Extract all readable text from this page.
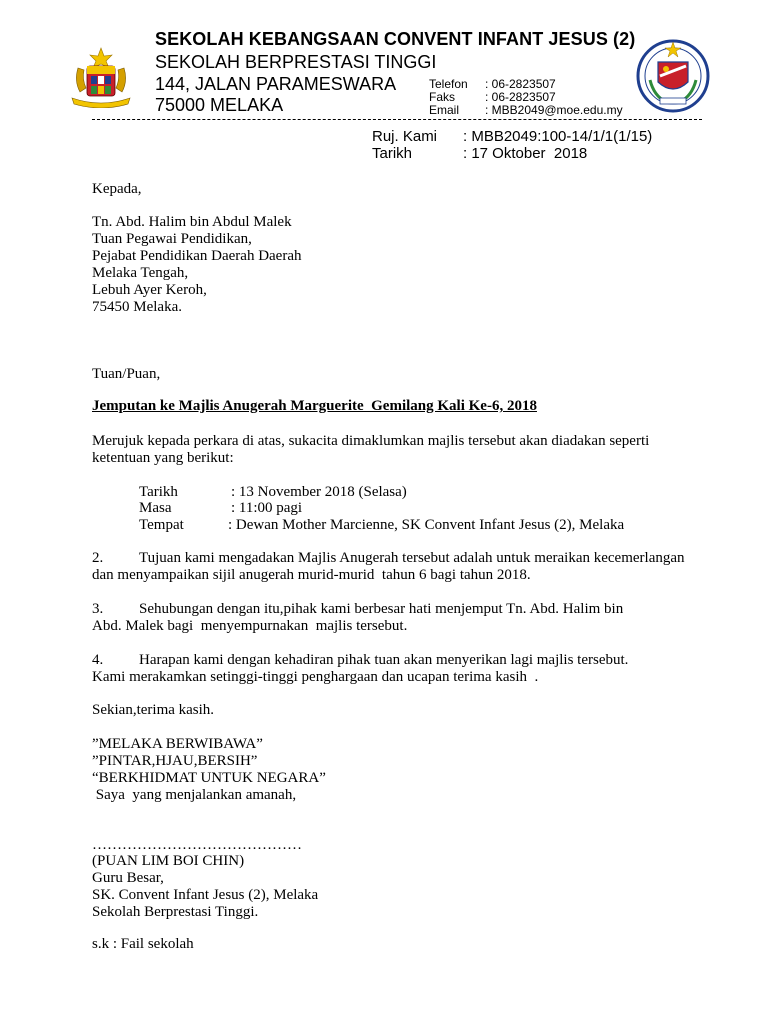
SEKOLAH KEBANGSAAN CONVENT INFANT JESUS (2)
SEKOLAH BERPRESTASI TINGGI
144, JALAN PARAMESWARA
75000 MELAKA
Telefon : 06-2823507
Faks : 06-2823507
Email : MBB2049@moe.edu.my
Ruj. Kami : MBB2049:100-14/1/1(1/15)
Tarikh	: 17 Oktober  2018
Kepada,
Tn. Abd. Halim bin Abdul Malek
Tuan Pegawai Pendidikan,
Pejabat Pendidikan Daerah Daerah
Melaka Tengah,
Lebuh Ayer Keroh,
75450 Melaka.
Tuan/Puan,
Jemputan ke Majlis Anugerah Marguerite  Gemilang Kali Ke-6, 2018
Merujuk kepada perkara di atas, sukacita dimaklumkan majlis tersebut akan diadakan seperti
ketentuan yang berikut:
Tarikh	: 13 November 2018 (Selasa)
Masa	: 11:00 pagi
Tempat	: Dewan Mother Marcienne, SK Convent Infant Jesus (2), Melaka
2. Tujuan kami mengadakan Majlis Anugerah tersebut adalah untuk meraikan kecemerlangan
dan menyampaikan sijil anugerah murid-murid  tahun 6 bagi tahun 2018.
3. Sehubungan dengan itu,pihak kami berbesar hati menjemput Tn. Abd. Halim bin
Abd. Malek bagi  menyempurnakan  majlis tersebut.
4. Harapan kami dengan kehadiran pihak tuan akan menyerikan lagi majlis tersebut.
Kami merakamkan setinggi-tinggi penghargaan dan ucapan terima kasih  .
Sekian,terima kasih.
”MELAKA BERWIBAWA”
”PINTAR,HJAU,BERSIH”
“BERKHIDMAT UNTUK NEGARA”
Saya  yang menjalankan amanah,
……………………………………
(PUAN LIM BOI CHIN)
Guru Besar,
SK. Convent Infant Jesus (2), Melaka
Sekolah Berprestasi Tinggi.
s.k : Fail sekolah
